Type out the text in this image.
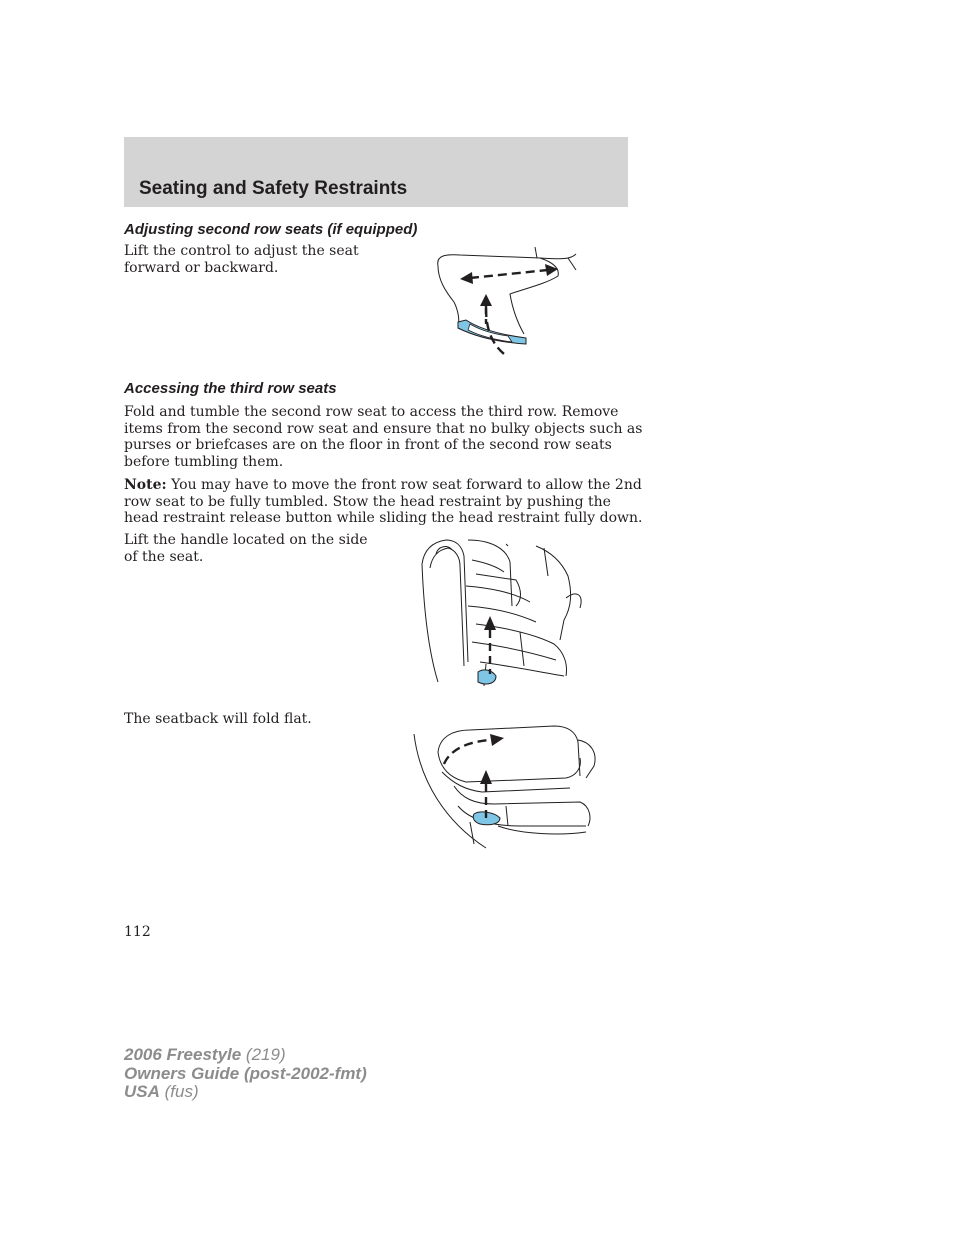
Seating and Safety Restraints
Adjusting second row seats (if equipped)

Lift the control to adjust the seat
forward or backward.

Accessing the third row seats

Fold and tumble the second row seat to access the third row. Remove
items from the second row seat and ensure that no bulky objects such as
purses or briefcases are on the floor in front of the second row seats
before tumbling them.

Note: You may have to move the front row seat forward to allow the 2nd
row seat to be fully tumbled. Stow the head restraint by pushing the
head restraint release button while sliding the head restraint fully down.

Lift the handle located on the side
of the seat.

The seatback will fold flat.

112

2006 Freestyle (219)
Owners Guide (post-2002-fmt)
USA (fus)
